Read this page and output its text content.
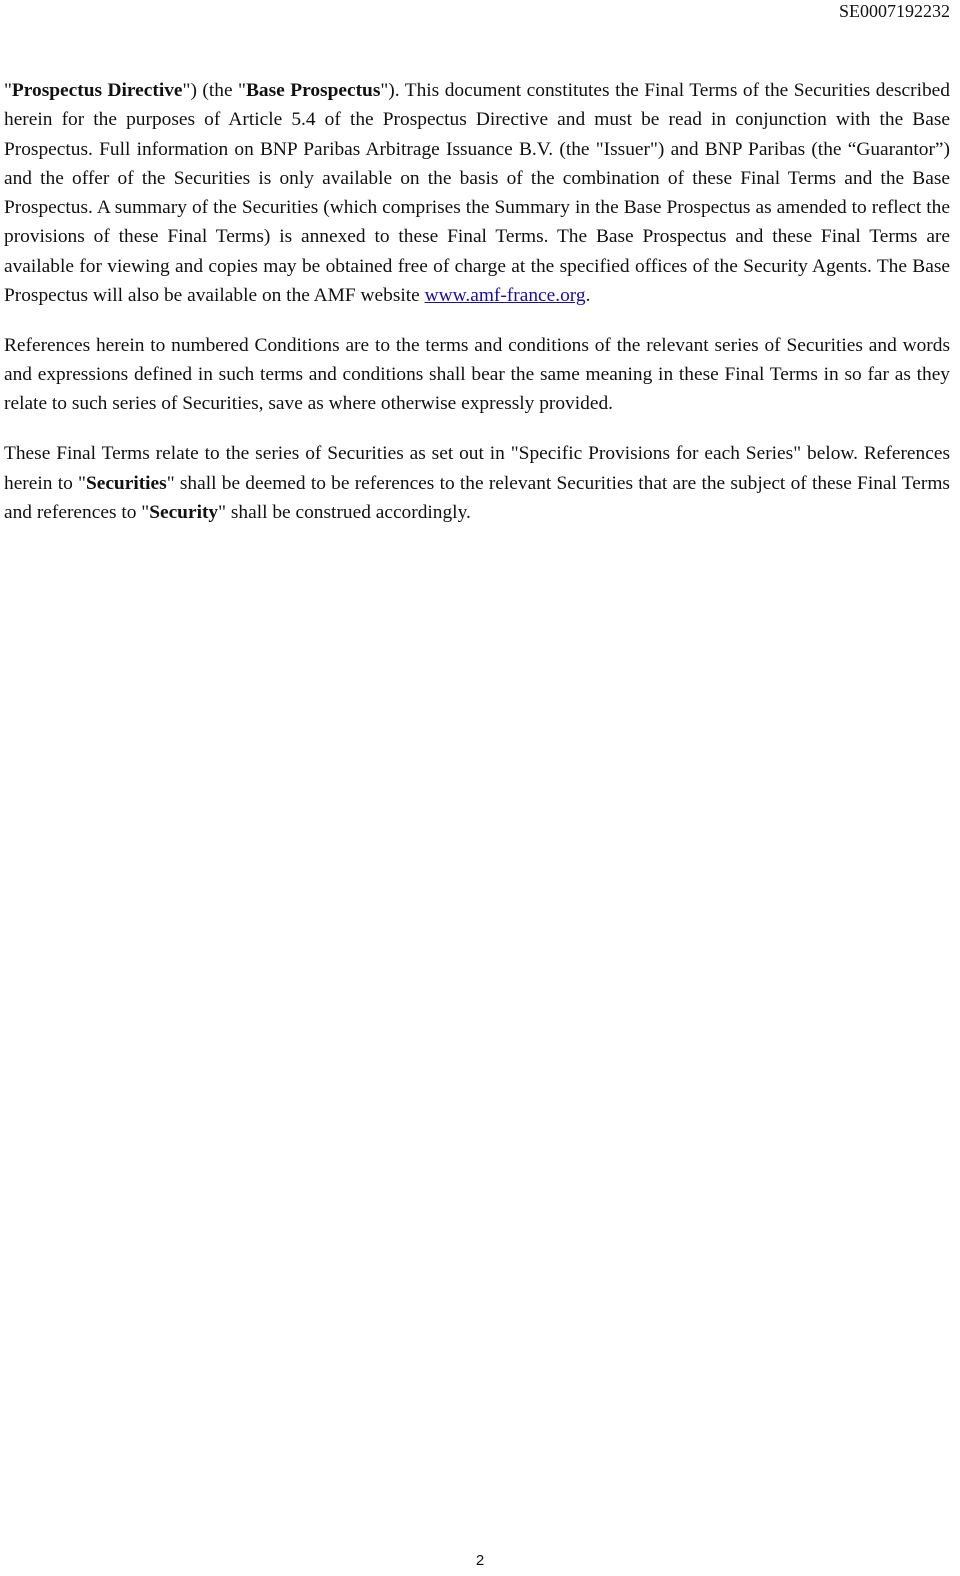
SE0007192232

"Prospectus Directive") (the "Base Prospectus"). This document constitutes the Final Terms of the Securities described herein for the purposes of Article 5.4 of the Prospectus Directive and must be read in conjunction with the Base Prospectus. Full information on BNP Paribas Arbitrage Issuance B.V. (the "Issuer") and BNP Paribas (the “Guarantor”) and the offer of the Securities is only available on the basis of the combination of these Final Terms and the Base Prospectus. A summary of the Securities (which comprises the Summary in the Base Prospectus as amended to reflect the provisions of these Final Terms) is annexed to these Final Terms. The Base Prospectus and these Final Terms are available for viewing and copies may be obtained free of charge at the specified offices of the Security Agents. The Base Prospectus will also be available on the AMF website www.amf-france.org.

References herein to numbered Conditions are to the terms and conditions of the relevant series of Securities and words and expressions defined in such terms and conditions shall bear the same meaning in these Final Terms in so far as they relate to such series of Securities, save as where otherwise expressly provided.

These Final Terms relate to the series of Securities as set out in "Specific Provisions for each Series" below. References herein to "Securities" shall be deemed to be references to the relevant Securities that are the subject of these Final Terms and references to "Security" shall be construed accordingly.

2
